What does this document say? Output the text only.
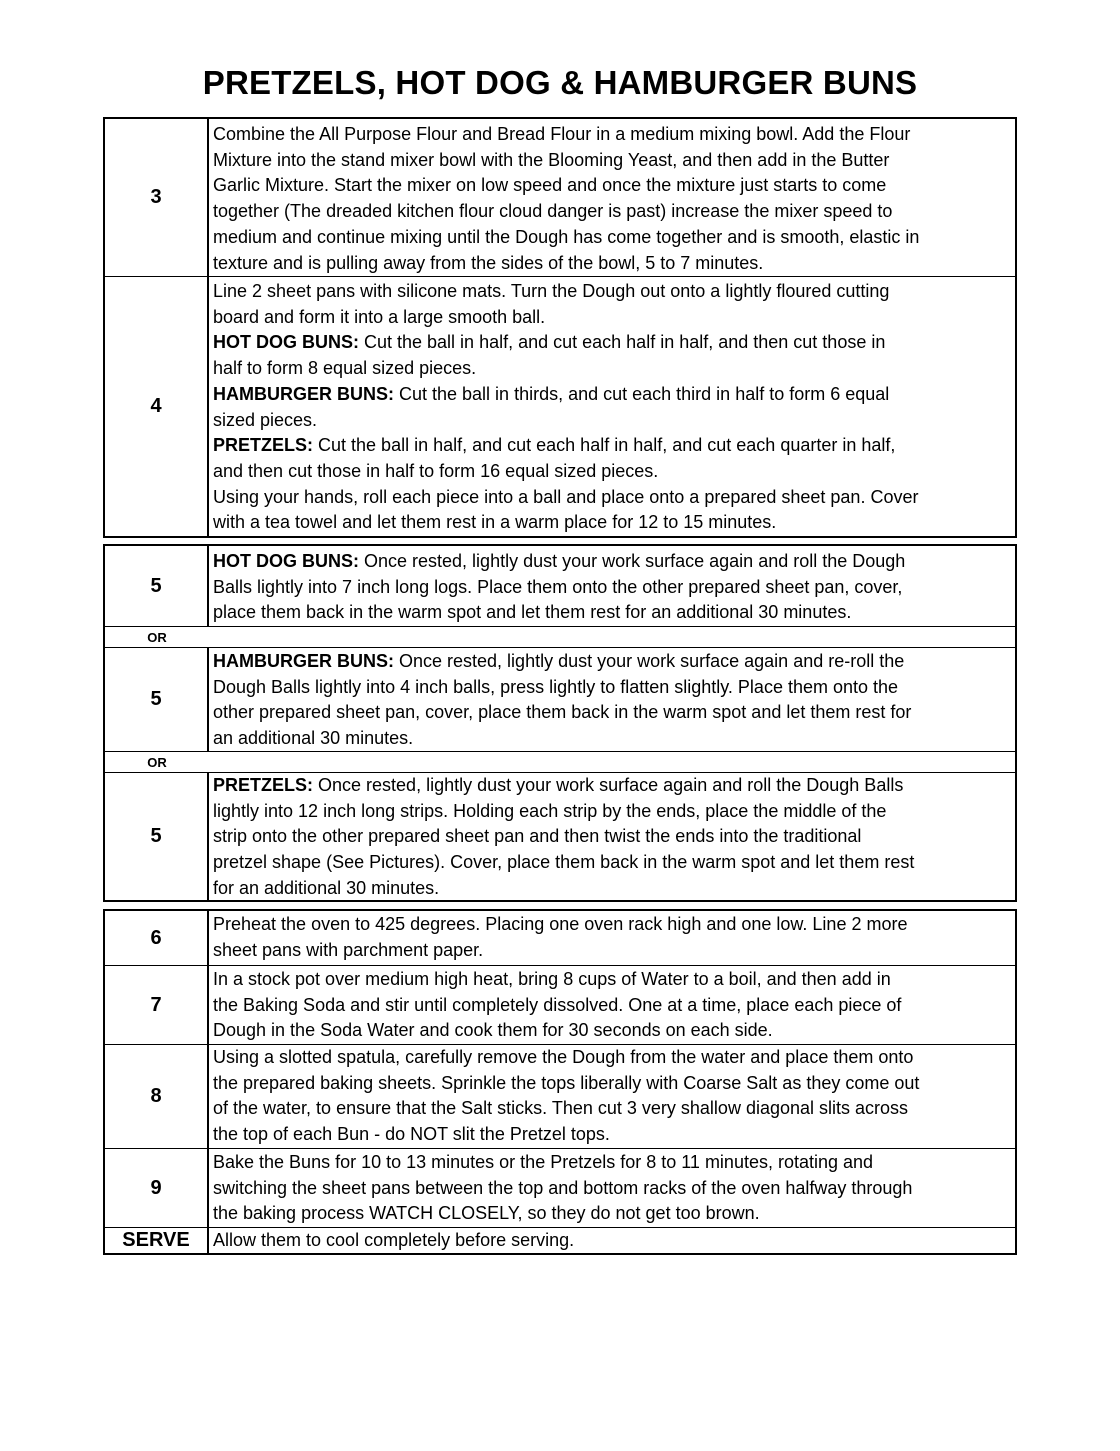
PRETZELS, HOT DOG & HAMBURGER BUNS
3
Combine the All Purpose Flour and Bread Flour in a medium mixing bowl. Add the Flour
Mixture into the stand mixer bowl with the Blooming Yeast, and then add in the Butter
Garlic Mixture. Start the mixer on low speed and once the mixture just starts to come
together (The dreaded kitchen flour cloud danger is past) increase the mixer speed to
medium and continue mixing until the Dough has come together and is smooth, elastic in
texture and is pulling away from the sides of the bowl, 5 to 7 minutes.
4
Line 2 sheet pans with silicone mats. Turn the Dough out onto a lightly floured cutting
board and form it into a large smooth ball.
HOT DOG BUNS: Cut the ball in half, and cut each half in half, and then cut those in
half to form 8 equal sized pieces.
HAMBURGER BUNS: Cut the ball in thirds, and cut each third in half to form 6 equal
sized pieces.
PRETZELS: Cut the ball in half, and cut each half in half, and cut each quarter in half,
and then cut those in half to form 16 equal sized pieces.
Using your hands, roll each piece into a ball and place onto a prepared sheet pan. Cover
with a tea towel and let them rest in a warm place for 12 to 15 minutes.
5
HOT DOG BUNS: Once rested, lightly dust your work surface again and roll the Dough
Balls lightly into 7 inch long logs. Place them onto the other prepared sheet pan, cover,
place them back in the warm spot and let them rest for an additional 30 minutes.
OR
5
HAMBURGER BUNS: Once rested, lightly dust your work surface again and re-roll the
Dough Balls lightly into 4 inch balls, press lightly to flatten slightly. Place them onto the
other prepared sheet pan, cover, place them back in the warm spot and let them rest for
an additional 30 minutes.
OR
5
PRETZELS: Once rested, lightly dust your work surface again and roll the Dough Balls
lightly into 12 inch long strips. Holding each strip by the ends, place the middle of the
strip onto the other prepared sheet pan and then twist the ends into the traditional
pretzel shape (See Pictures). Cover, place them back in the warm spot and let them rest
for an additional 30 minutes.
6
Preheat the oven to 425 degrees. Placing one oven rack high and one low. Line 2 more
sheet pans with parchment paper.
7
In a stock pot over medium high heat, bring 8 cups of Water to a boil, and then add in
the Baking Soda and stir until completely dissolved. One at a time, place each piece of
Dough in the Soda Water and cook them for 30 seconds on each side.
8
Using a slotted spatula, carefully remove the Dough from the water and place them onto
the prepared baking sheets. Sprinkle the tops liberally with Coarse Salt as they come out
of the water, to ensure that the Salt sticks. Then cut 3 very shallow diagonal slits across
the top of each Bun - do NOT slit the Pretzel tops.
9
Bake the Buns for 10 to 13 minutes or the Pretzels for 8 to 11 minutes, rotating and
switching the sheet pans between the top and bottom racks of the oven halfway through
the baking process WATCH CLOSELY, so they do not get too brown.
SERVE	Allow them to cool completely before serving.
